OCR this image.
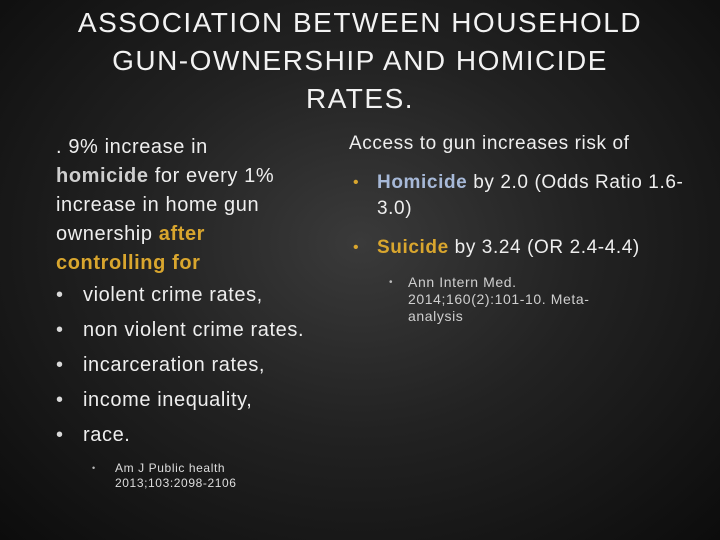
ASSOCIATION BETWEEN HOUSEHOLD
GUN-OWNERSHIP AND HOMICIDE
RATES.
. 9% increase in
homicide for every 1%
increase in home gun
ownership after
controlling for
• violent crime rates,
• non violent crime rates.
• incarceration rates,
• income inequality,
• race.
•	Am J Public health
2013;103:2098-2106
Access to gun increases risk of
• Homicide by 2.0 (Odds Ratio 1.6-3.0)
• Suicide by 3.24 (OR 2.4-4.4)
• Ann Intern Med.
2014;160(2):101-10. Meta-
analysis
